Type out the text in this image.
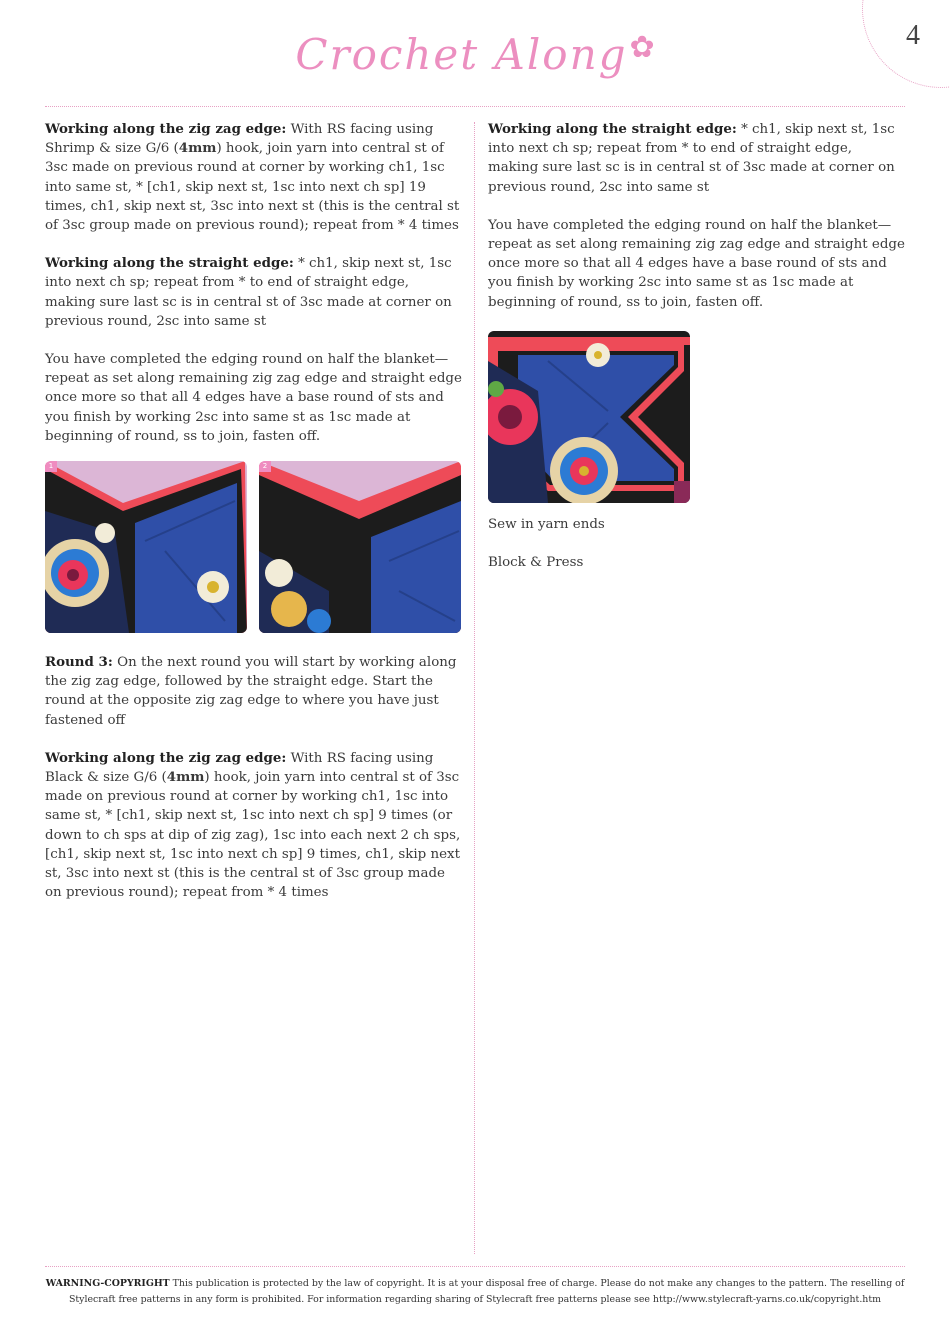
4
Crochet Along✿

Working along the zig zag edge: With RS facing using Shrimp & size G/6 (4mm) hook, join yarn into central st of 3sc made on previous round at corner by working ch1, 1sc into same st, * [ch1, skip next st, 1sc into next ch sp] 19 times, ch1, skip next st, 3sc into next st (this is the central st of 3sc group made on previous round); repeat from * 4 times

Working along the straight edge: * ch1, skip next st, 1sc into next ch sp; repeat from * to end of straight edge, making sure last sc is in central st of 3sc made at corner on previous round, 2sc into same st

You have completed the edging round on half the blanket—repeat as set along remaining zig zag edge and straight edge once more so that all 4 edges have a base round of sts and you finish by working 2sc into same st as 1sc made at beginning of round, ss to join, fasten off.

1	2

Round 3: On the next round you will start by working along the zig zag edge, followed by the straight edge. Start the round at the opposite zig zag edge to where you have just fastened off

Working along the zig zag edge: With RS facing using Black & size G/6 (4mm) hook, join yarn into central st of 3sc made on previous round at corner by working ch1, 1sc into same st, * [ch1, skip next st, 1sc into next ch sp] 9 times (or down to ch sps at dip of zig zag), 1sc into each next 2 ch sps, [ch1, skip next st, 1sc into next ch sp] 9 times, ch1, skip next st, 3sc into next st (this is the central st of 3sc group made on previous round); repeat from * 4 times

Working along the straight edge: * ch1, skip next st, 1sc into next ch sp; repeat from * to end of straight edge, making sure last sc is in central st of 3sc made at corner on previous round, 2sc into same st

You have completed the edging round on half the blanket—repeat as set along remaining zig zag edge and straight edge once more so that all 4 edges have a base round of sts and you finish by working 2sc into same st as 1sc made at beginning of round, ss to join, fasten off.

Sew in yarn ends

Block & Press

WARNING-COPYRIGHT This publication is protected by the law of copyright. It is at your disposal free of charge. Please do not make any changes to the pattern. The reselling of Stylecraft free patterns in any form is prohibited. For information regarding sharing of Stylecraft free patterns please see http://www.stylecraft-yarns.co.uk/copyright.htm
